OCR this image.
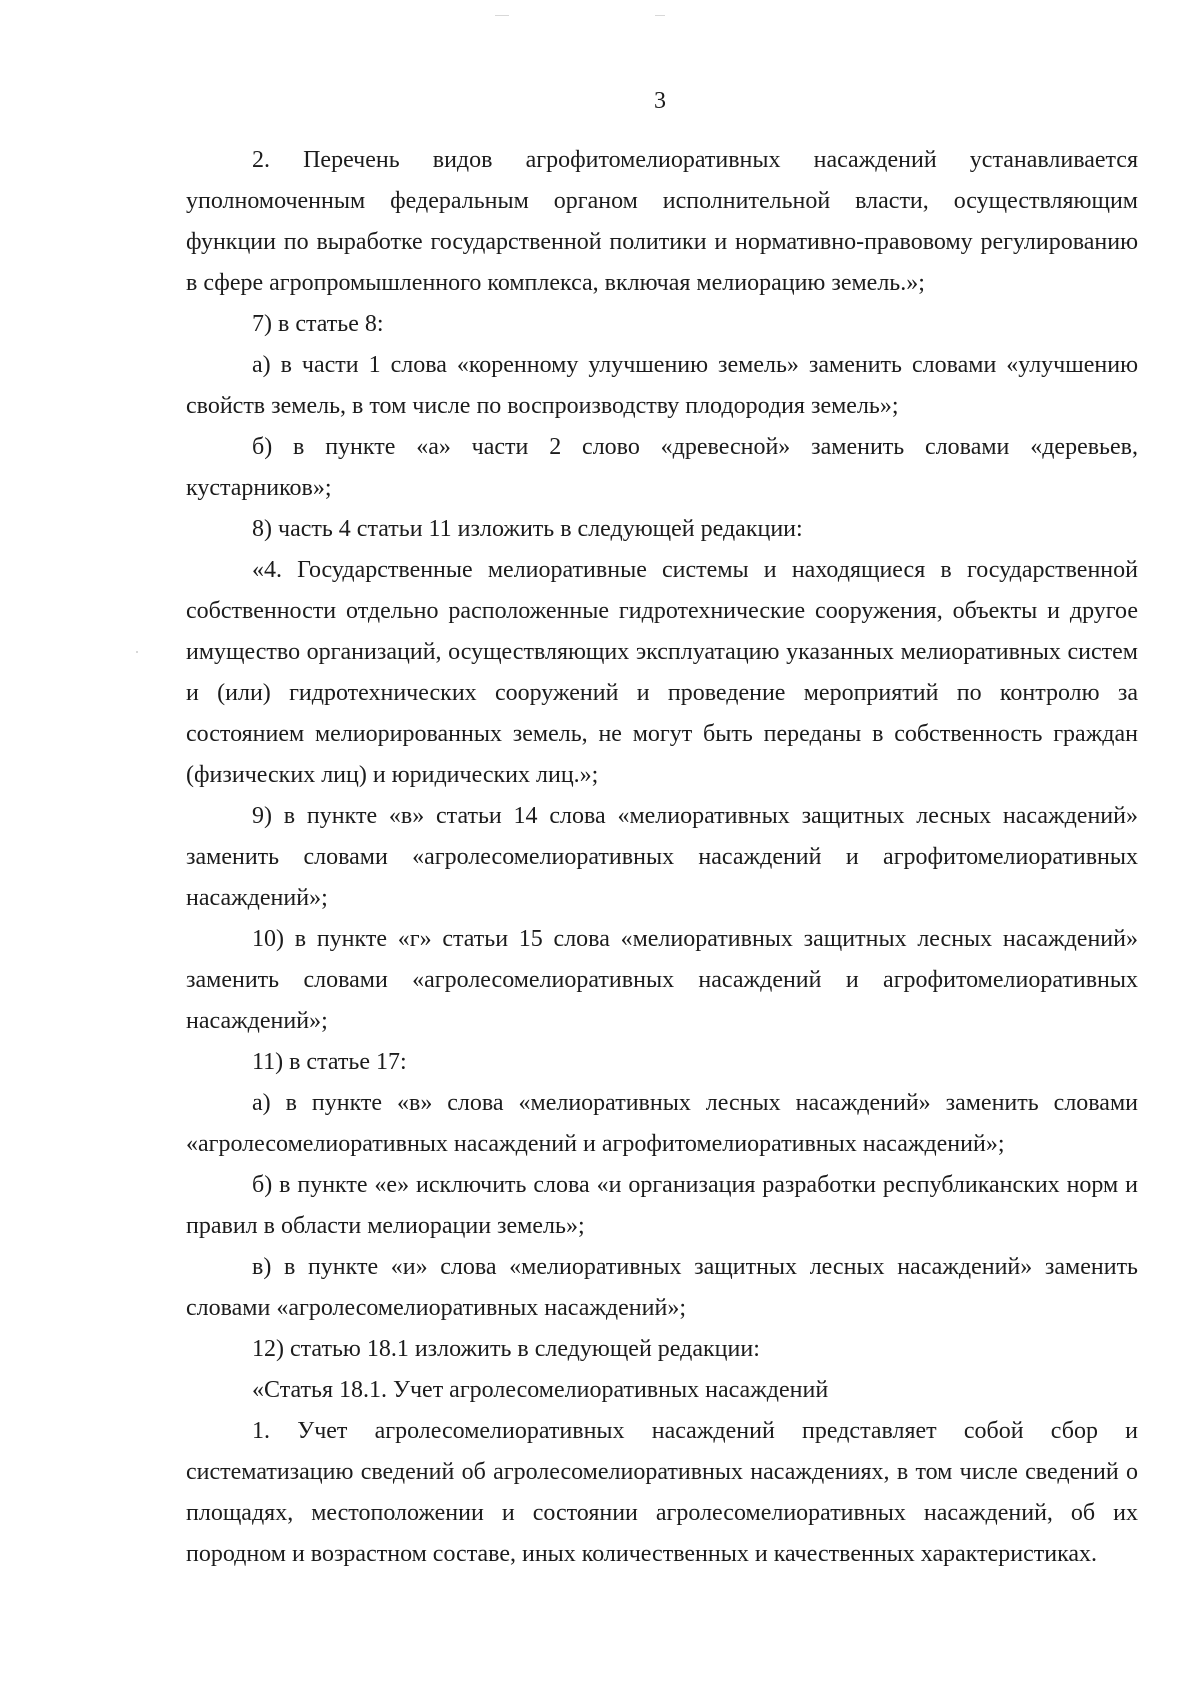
3

2. Перечень видов агрофитомелиоративных насаждений устанавливается уполномоченным федеральным органом исполнительной власти, осуществляющим функции по выработке государственной политики и нормативно-правовому регулированию в сфере агропромышленного комплекса, включая мелиорацию земель.»;

7) в статье 8:

а) в части 1 слова «коренному улучшению земель» заменить словами «улучшению свойств земель, в том числе по воспроизводству плодородия земель»;

б) в пункте «а» части 2 слово «древесной» заменить словами «деревьев, кустарников»;

8) часть 4 статьи 11 изложить в следующей редакции:

«4. Государственные мелиоративные системы и находящиеся в государственной собственности отдельно расположенные гидротехнические сооружения, объекты и другое имущество организаций, осуществляющих эксплуатацию указанных мелиоративных систем и (или) гидротехнических сооружений и проведение мероприятий по контролю за состоянием мелиорированных земель, не могут быть переданы в собственность граждан (физических лиц) и юридических лиц.»;

9) в пункте «в» статьи 14 слова «мелиоративных защитных лесных насаждений» заменить словами «агролесомелиоративных насаждений и агрофитомелиоративных насаждений»;

10) в пункте «г» статьи 15 слова «мелиоративных защитных лесных насаждений» заменить словами «агролесомелиоративных насаждений и агрофитомелиоративных насаждений»;

11) в статье 17:

а) в пункте «в» слова «мелиоративных лесных насаждений» заменить словами «агролесомелиоративных насаждений и агрофитомелиоративных насаждений»;

б) в пункте «е» исключить слова «и организация разработки республиканских норм и правил в области мелиорации земель»;

в) в пункте «и» слова «мелиоративных защитных лесных насаждений» заменить словами «агролесомелиоративных насаждений»;

12) статью 18.1 изложить в следующей редакции:

«Статья 18.1. Учет агролесомелиоративных насаждений

1. Учет агролесомелиоративных насаждений представляет собой сбор и систематизацию сведений об агролесомелиоративных насаждениях, в том числе сведений о площадях, местоположении и состоянии агролесомелиоративных насаждений, об их породном и возрастном составе, иных количественных и качественных характеристиках.
